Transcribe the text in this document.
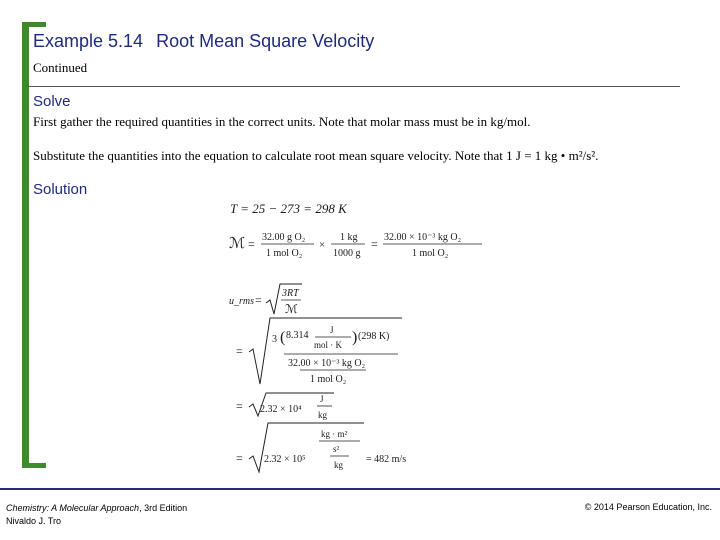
Example 5.14 Root Mean Square Velocity
Continued
Solve
First gather the required quantities in the correct units. Note that molar mass must be in kg/mol.
Substitute the quantities into the equation to calculate root mean square velocity. Note that 1 J = 1 kg • m²/s².
Solution
T = 25 − 273 = 298 K
ℳ = 32.00 g O₂
1 mol O₂
×
1 kg
1000 g
= 32.00 × 10⁻³ kg O₂
1 mol O₂
u_rms = 3RT
ℳ
=
3 ( 8.314 J
mol · K ) (298 K)
32.00 × 10⁻³ kg O₂
1 mol O₂
= 2.32 × 10⁴
J
kg
= 2.32 × 10⁵
kg · m²
s²
kg = 482 m/s
Chemistry: A Molecular Approach, 3rd Edition
Nivaldo J. Tro
© 2014 Pearson Education, Inc.
